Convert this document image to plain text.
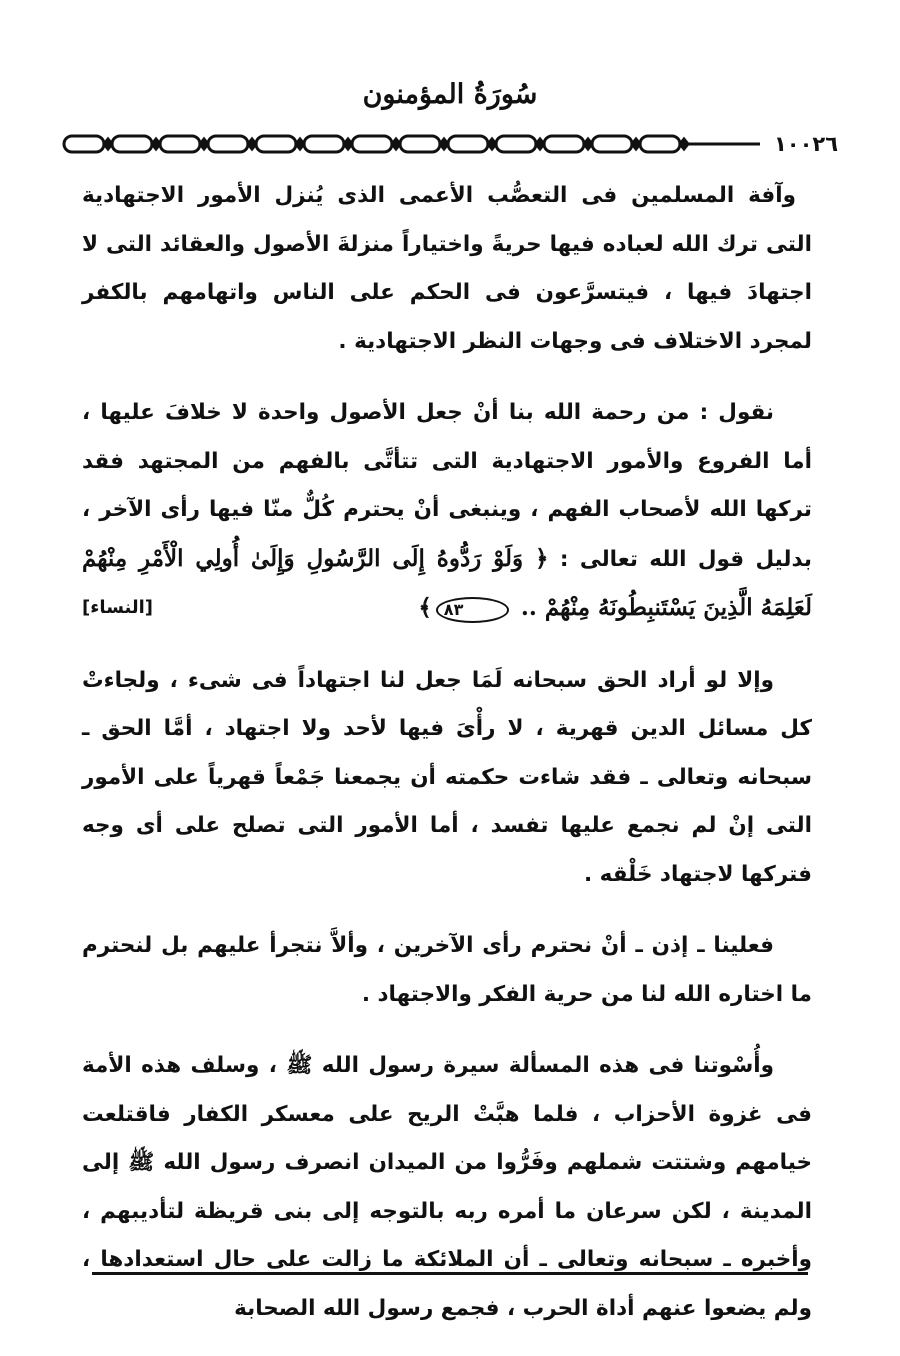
سُورَةُ المؤمنون
١٠٠٢٦

وآفة المسلمين فى التعصُّب الأعمى الذى يُنزل الأمور الاجتهادية التى ترك الله لعباده فيها حريةً واختياراً منزلةَ الأصول والعقائد التى لا اجتهادَ فيها ، فيتسرَّعون فى الحكم على الناس واتهامهم بالكفر لمجرد الاختلاف فى وجهات النظر الاجتهادية .

نقول : من رحمة الله بنا أنْ جعل الأصول واحدة لا خلافَ عليها ، أما الفروع والأمور الاجتهادية التى تتأتَّى بالفهم من المجتهد فقد تركها الله لأصحاب الفهم ، وينبغى أنْ يحترم كُلٌّ منّا فيها رأى الآخر ، بدليل قول الله تعالى : ﴿ وَلَوْ رَدُّوهُ إِلَى الرَّسُولِ وَإِلَىٰ أُولِي الْأَمْرِ مِنْهُمْ لَعَلِمَهُ الَّذِينَ يَسْتَنبِطُونَهُ مِنْهُمْ .. ٨٣﴾
[النساء]

وإلا لو أراد الحق سبحانه لَمَا جعل لنا اجتهاداً فى شىء ، ولجاءتْ كل مسائل الدين قهرية ، لا رأْىَ فيها لأحد ولا اجتهاد ، أمَّا الحق ـ سبحانه وتعالى ـ فقد شاءت حكمته أن يجمعنا جَمْعاً قهرياً على الأمور التى إنْ لم نجمع عليها تفسد ، أما الأمور التى تصلح على أى وجه فتركها لاجتهاد خَلْقه .

فعلينا ـ إذن ـ أنْ نحترم رأى الآخرين ، وألاَّ نتجرأ عليهم بل لنحترم ما اختاره الله لنا من حرية الفكر والاجتهاد .

وأُسْوتنا فى هذه المسألة سيرة رسول الله ﷺ ، وسلف هذه الأمة فى غزوة الأحزاب ، فلما هبَّتْ الريح على معسكر الكفار فاقتلعت خيامهم وشتتت شملهم وفَرُّوا من الميدان انصرف رسول الله ﷺ إلى المدينة ، لكن سرعان ما أمره ربه بالتوجه إلى بنى قريظة لتأديبهم ، وأخبره ـ سبحانه وتعالى ـ أن الملائكة ما زالت على حال استعدادها ، ولم يضعوا عنهم أداة الحرب ، فجمع رسول الله الصحابة
